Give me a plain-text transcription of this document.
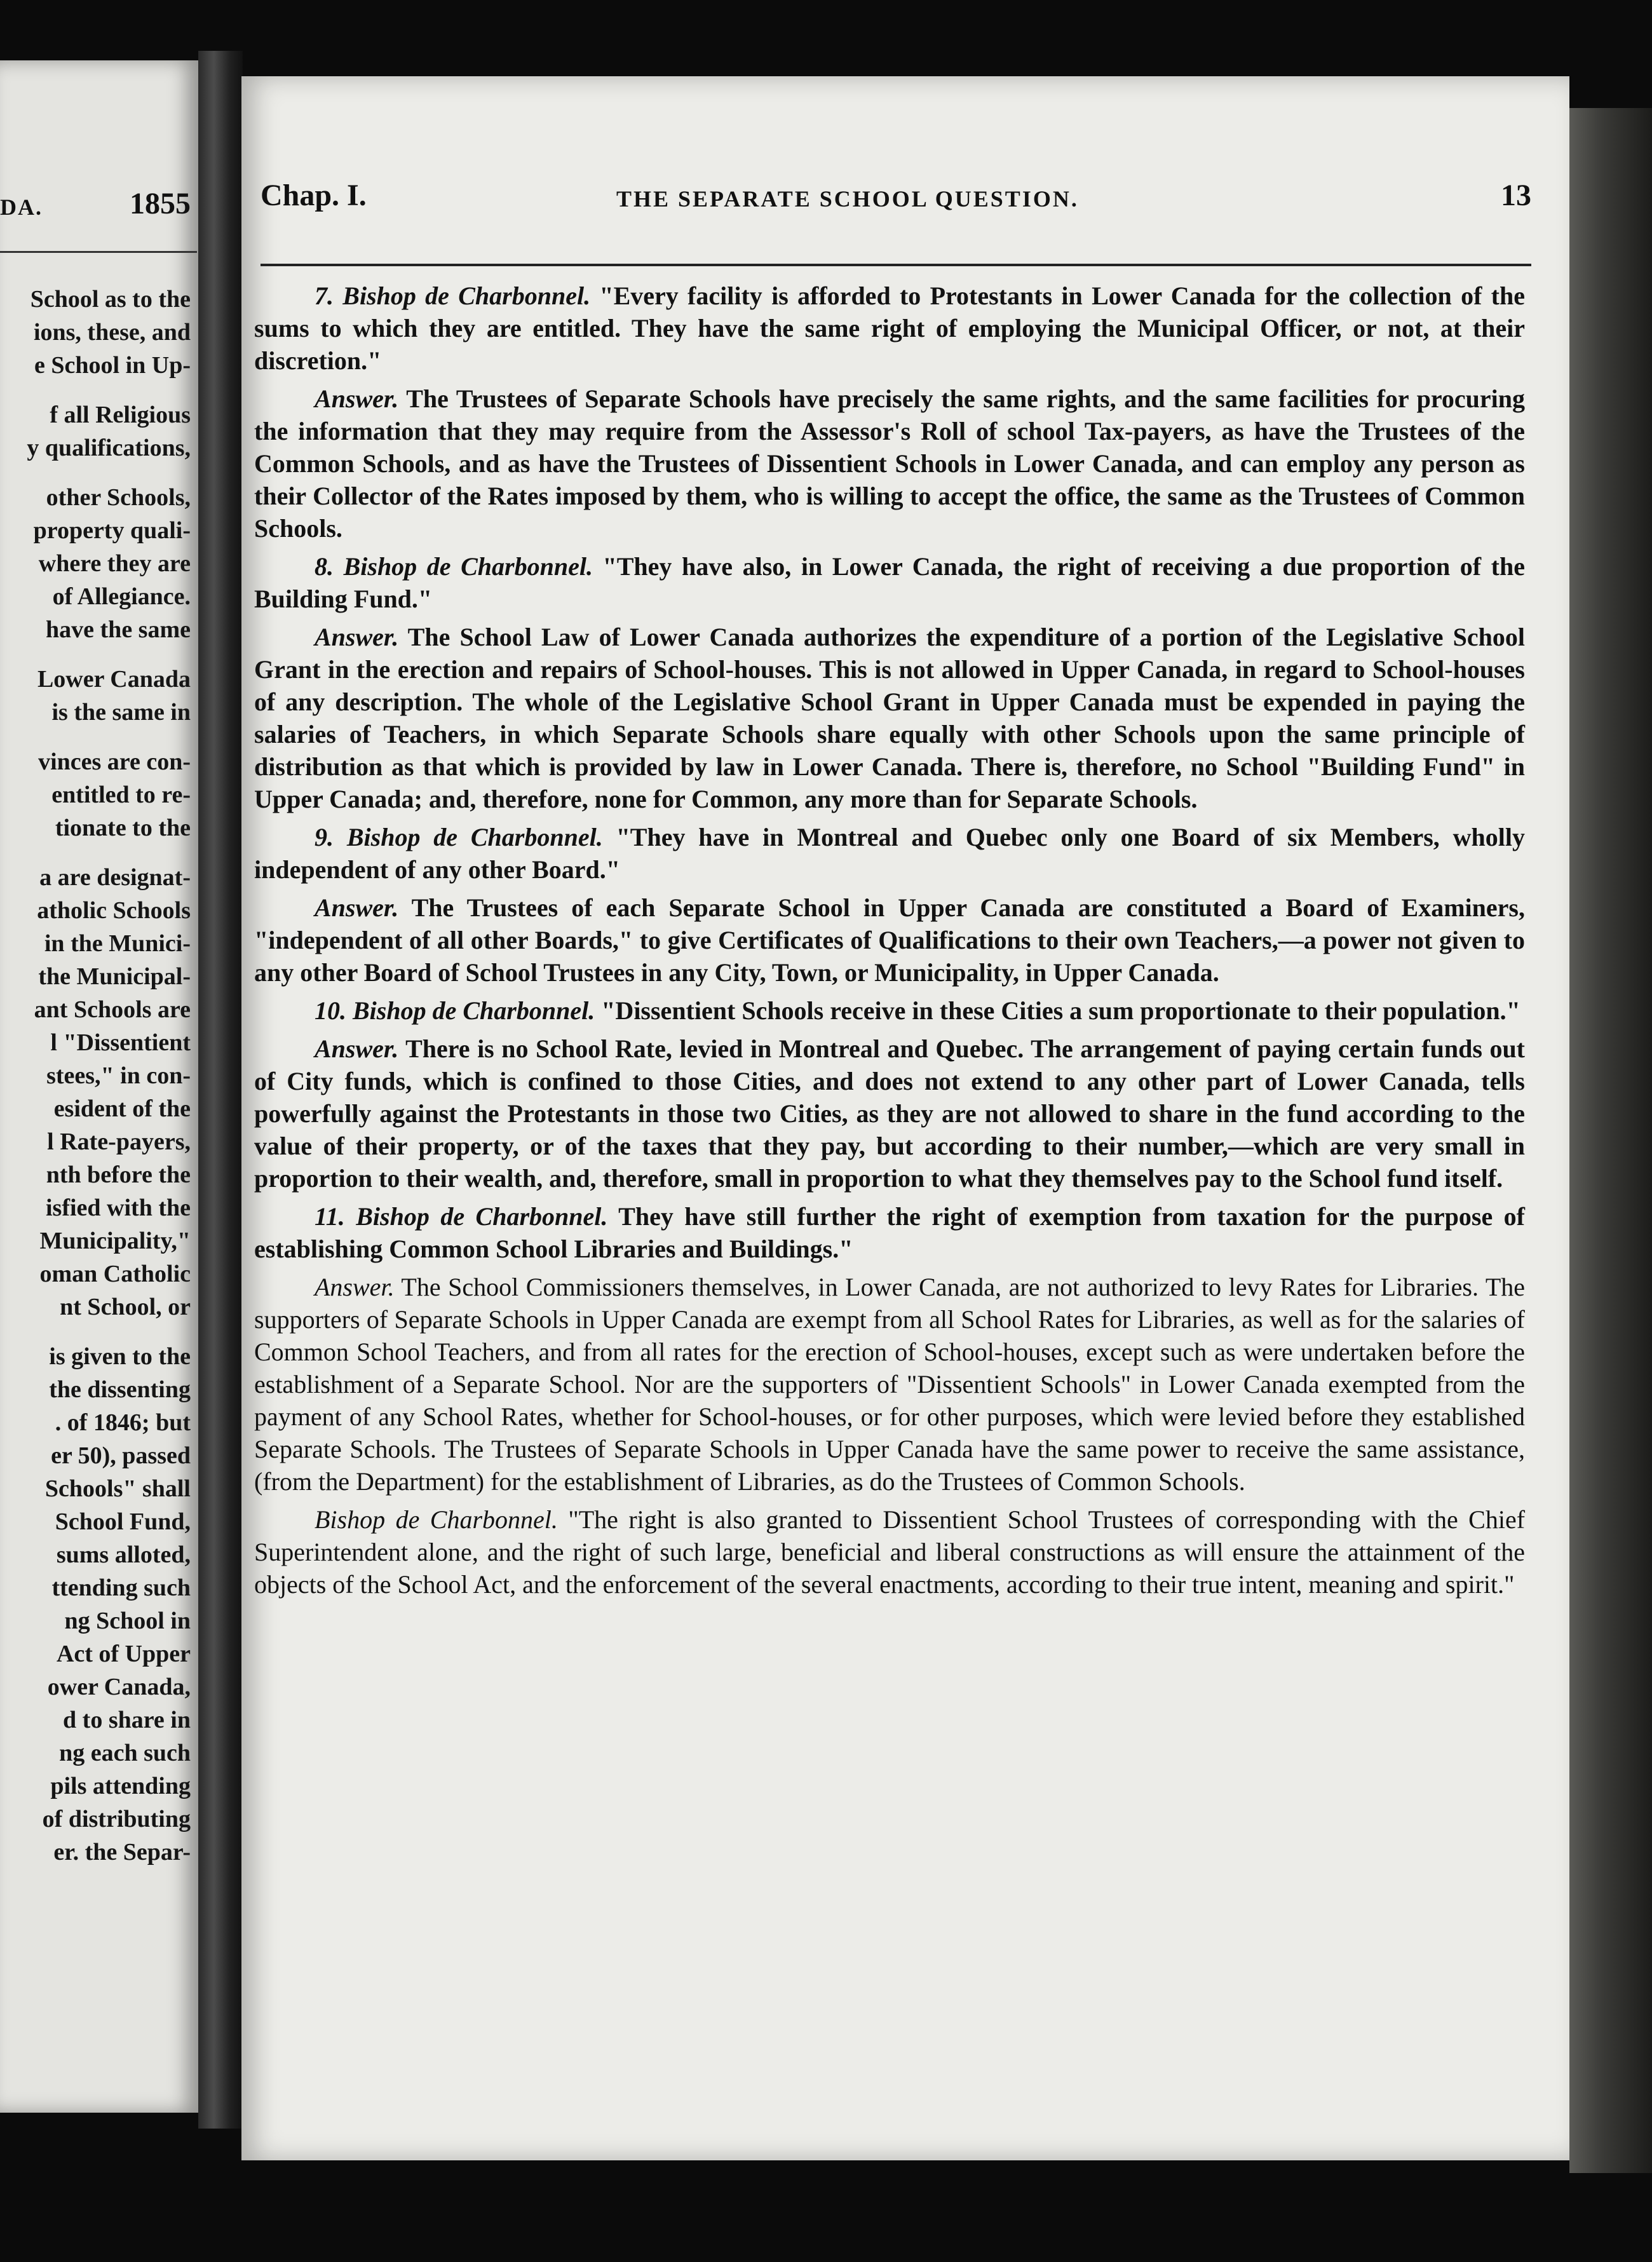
DA.	1855
School as to the
ions, these, and
e School in Up-
f all Religious
y qualifications,
other Schools,
property quali-
where they are
of Allegiance.
have the same
Lower Canada
is the same in
vinces are con-
entitled to re-
tionate to the
a are designat-
atholic Schools
in the Munici-
the Municipal-
ant Schools are
l "Dissentient
stees," in con-
esident of the
l Rate-payers,
nth before the
isfied with the
Municipality,"
oman Catholic
nt School, or
is given to the
the dissenting
. of 1846; but
er 50), passed
Schools" shall
School Fund,
sums alloted,
ttending such
ng School in
Act of Upper
ower Canada,
d to share in
ng each such
pils attending
of distributing
er. the Separ-
Chap. I.	THE SEPARATE SCHOOL QUESTION.	13

7. Bishop de Charbonnel. "Every facility is afforded to Protestants in Lower Canada for the collection of the sums to which they are entitled. They have the same right of employing the Municipal Officer, or not, at their discretion."

Answer. The Trustees of Separate Schools have precisely the same rights, and the same facilities for procuring the information that they may require from the Assessor's Roll of school Tax-payers, as have the Trustees of the Common Schools, and as have the Trustees of Dissentient Schools in Lower Canada, and can employ any person as their Collector of the Rates imposed by them, who is willing to accept the office, the same as the Trustees of Common Schools.

8. Bishop de Charbonnel. "They have also, in Lower Canada, the right of receiving a due proportion of the Building Fund."

Answer. The School Law of Lower Canada authorizes the expenditure of a portion of the Legislative School Grant in the erection and repairs of School-houses. This is not allowed in Upper Canada, in regard to School-houses of any description. The whole of the Legislative School Grant in Upper Canada must be expended in paying the salaries of Teachers, in which Separate Schools share equally with other Schools upon the same principle of distribution as that which is provided by law in Lower Canada. There is, therefore, no School "Building Fund" in Upper Canada; and, therefore, none for Common, any more than for Separate Schools.

9. Bishop de Charbonnel. "They have in Montreal and Quebec only one Board of six Members, wholly independent of any other Board."

Answer. The Trustees of each Separate School in Upper Canada are constituted a Board of Examiners, "independent of all other Boards," to give Certificates of Qualifications to their own Teachers,—a power not given to any other Board of School Trustees in any City, Town, or Municipality, in Upper Canada.

10. Bishop de Charbonnel. "Dissentient Schools receive in these Cities a sum proportionate to their population."

Answer. There is no School Rate, levied in Montreal and Quebec. The arrangement of paying certain funds out of City funds, which is confined to those Cities, and does not extend to any other part of Lower Canada, tells powerfully against the Protestants in those two Cities, as they are not allowed to share in the fund according to the value of their property, or of the taxes that they pay, but according to their number,—which are very small in proportion to their wealth, and, therefore, small in proportion to what they themselves pay to the School fund itself.

11. Bishop de Charbonnel. They have still further the right of exemption from taxation for the purpose of establishing Common School Libraries and Buildings."

Answer. The School Commissioners themselves, in Lower Canada, are not authorized to levy Rates for Libraries. The supporters of Separate Schools in Upper Canada are exempt from all School Rates for Libraries, as well as for the salaries of Common School Teachers, and from all rates for the erection of School-houses, except such as were undertaken before the establishment of a Separate School. Nor are the supporters of "Dissentient Schools" in Lower Canada exempted from the payment of any School Rates, whether for School-houses, or for other purposes, which were levied before they established Separate Schools. The Trustees of Separate Schools in Upper Canada have the same power to receive the same assistance, (from the Department) for the establishment of Libraries, as do the Trustees of Common Schools.

Bishop de Charbonnel. "The right is also granted to Dissentient School Trustees of corresponding with the Chief Superintendent alone, and the right of such large, beneficial and liberal constructions as will ensure the attainment of the objects of the School Act, and the enforcement of the several enactments, according to their true intent, meaning and spirit."
